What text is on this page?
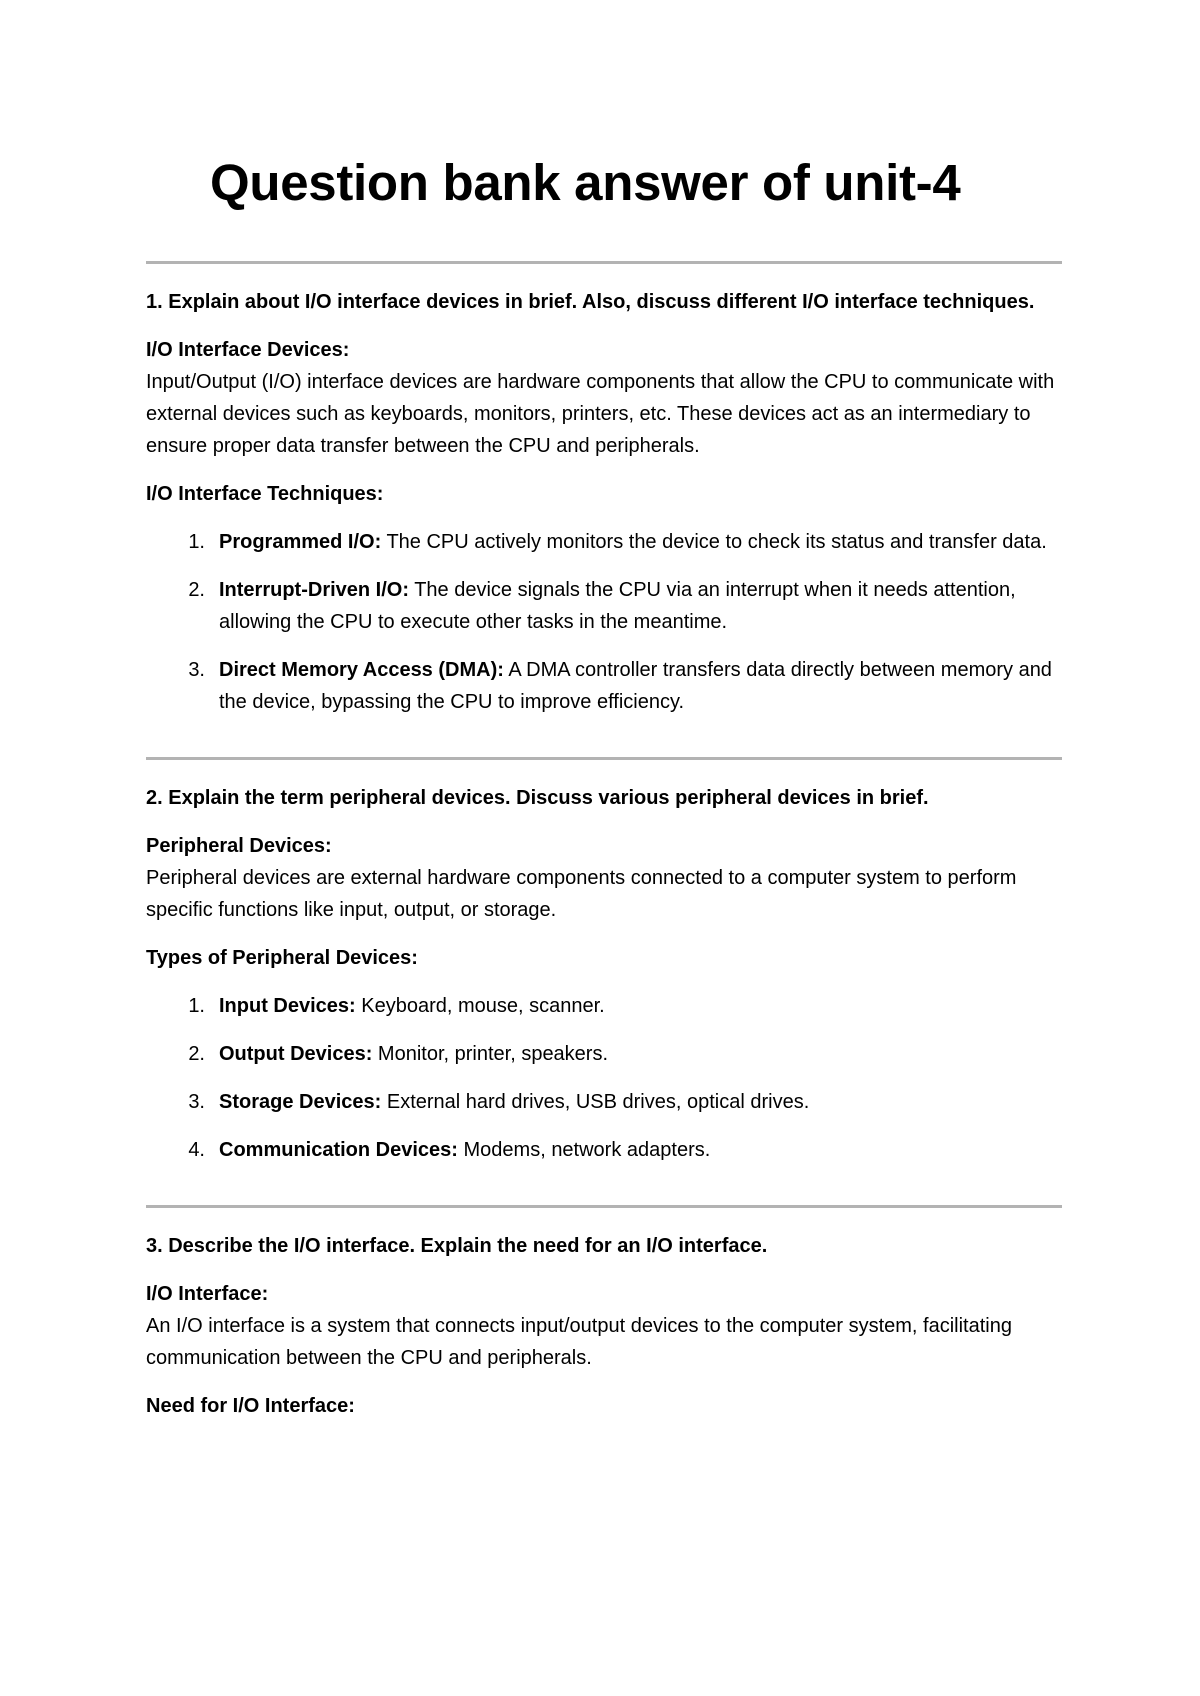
Question bank answer of unit-4

1. Explain about I/O interface devices in brief. Also, discuss different I/O interface techniques.

I/O Interface Devices:

Input/Output (I/O) interface devices are hardware components that allow the CPU to communicate with external devices such as keyboards, monitors, printers, etc. These devices act as an intermediary to ensure proper data transfer between the CPU and peripherals.

I/O Interface Techniques:

1. Programmed I/O: The CPU actively monitors the device to check its status and transfer data.
2. Interrupt-Driven I/O: The device signals the CPU via an interrupt when it needs attention, allowing the CPU to execute other tasks in the meantime.
3. Direct Memory Access (DMA): A DMA controller transfers data directly between memory and the device, bypassing the CPU to improve efficiency.

2. Explain the term peripheral devices. Discuss various peripheral devices in brief.

Peripheral Devices:

Peripheral devices are external hardware components connected to a computer system to perform specific functions like input, output, or storage.

Types of Peripheral Devices:

1. Input Devices: Keyboard, mouse, scanner.
2. Output Devices: Monitor, printer, speakers.
3. Storage Devices: External hard drives, USB drives, optical drives.
4. Communication Devices: Modems, network adapters.

3. Describe the I/O interface. Explain the need for an I/O interface.

I/O Interface:

An I/O interface is a system that connects input/output devices to the computer system, facilitating communication between the CPU and peripherals.

Need for I/O Interface:
